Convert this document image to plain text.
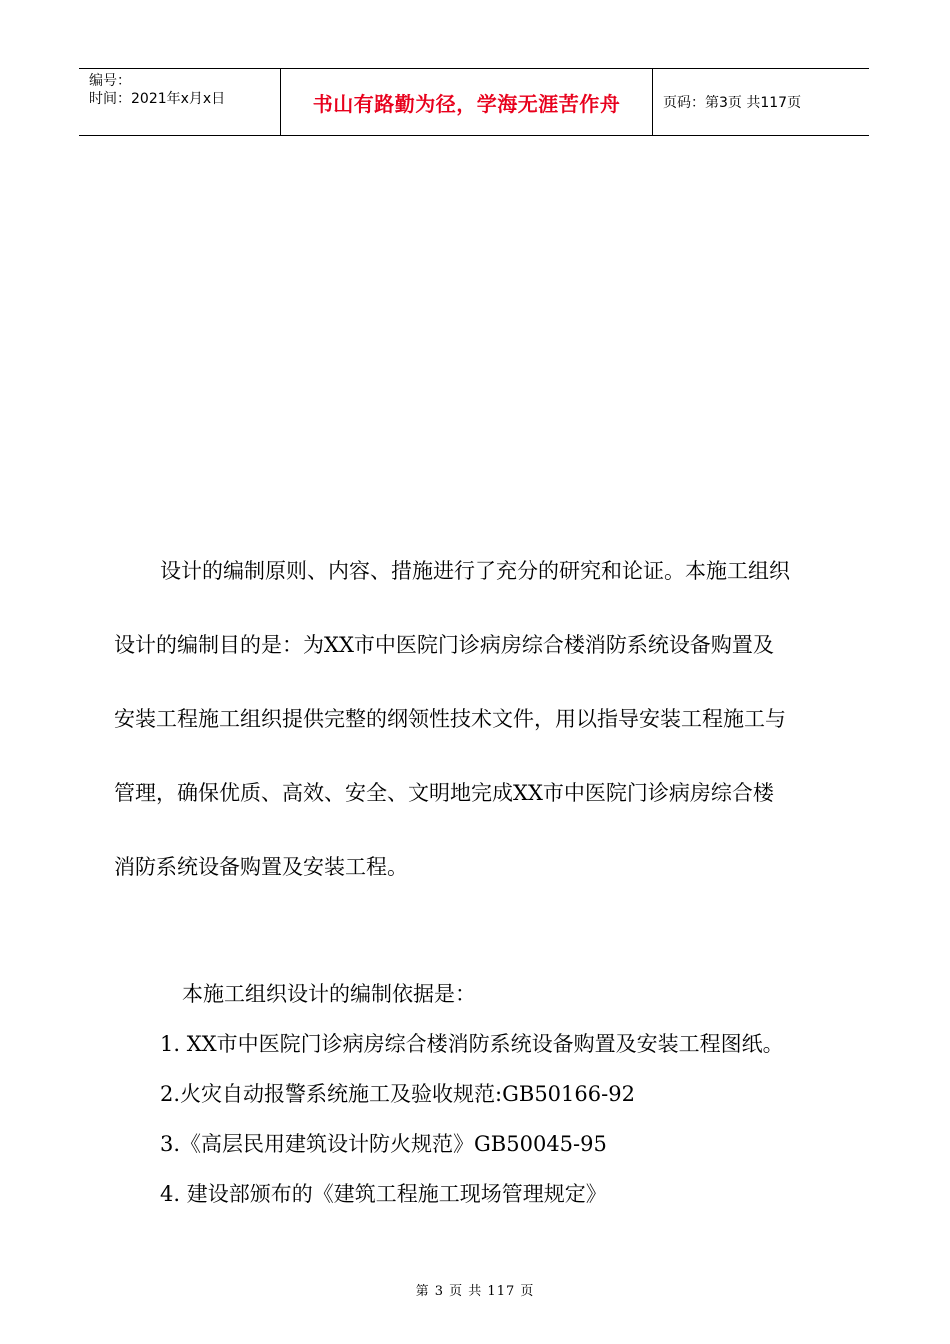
编号：
时间：2021年x月x日	书山有路勤为径，学海无涯苦作舟	页码：第3页 共117页
设计的编制原则、内容、措施进行了充分的研究和论证。本施工组织
设计的编制目的是：为XX市中医院门诊病房综合楼消防系统设备购置及
安装工程施工组织提供完整的纲领性技术文件，用以指导安装工程施工与
管理，确保优质、高效、安全、文明地完成XX市中医院门诊病房综合楼
消防系统设备购置及安装工程。
本施工组织设计的编制依据是：
1. XX市中医院门诊病房综合楼消防系统设备购置及安装工程图纸。
2.火灾自动报警系统施工及验收规范:GB50166-92
3.《高层民用建筑设计防火规范》GB50045-95
4. 建设部颁布的《建筑工程施工现场管理规定》
第 3 页 共 117 页
